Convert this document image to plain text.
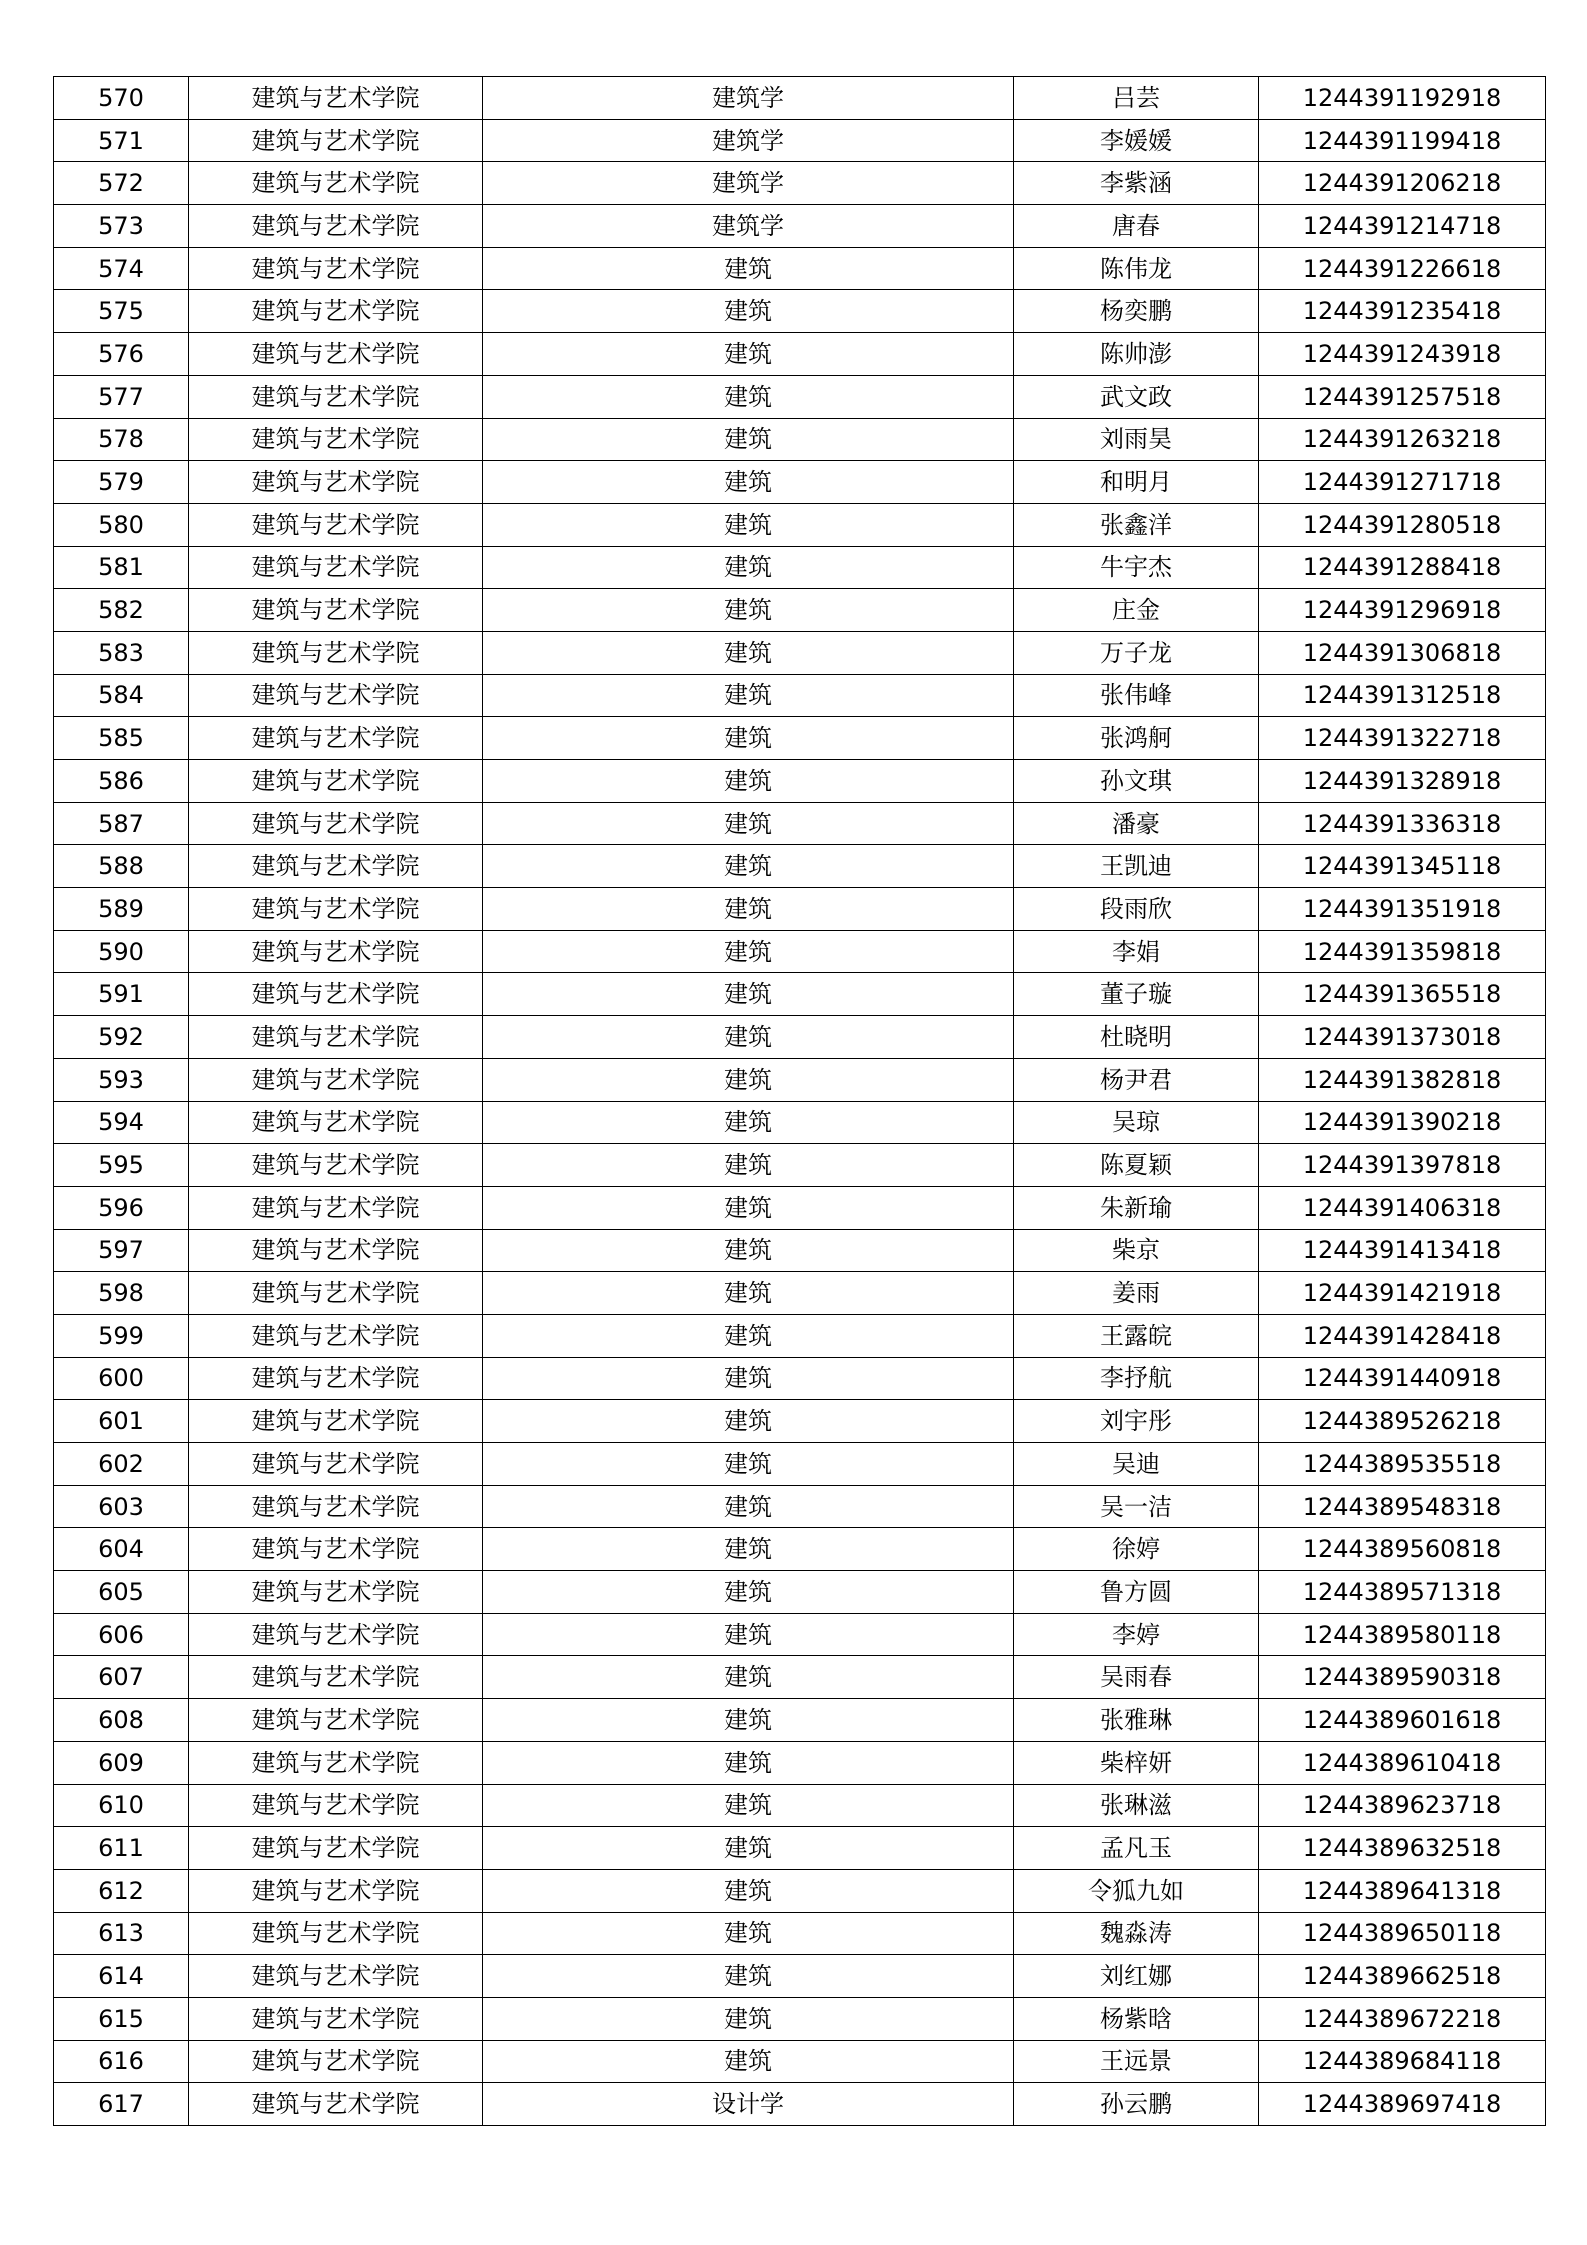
570	建筑与艺术学院	建筑学	吕芸	1244391192918
571	建筑与艺术学院	建筑学	李媛媛	1244391199418
572	建筑与艺术学院	建筑学	李紫涵	1244391206218
573	建筑与艺术学院	建筑学	唐春	1244391214718
574	建筑与艺术学院	建筑	陈伟龙	1244391226618
575	建筑与艺术学院	建筑	杨奕鹏	1244391235418
576	建筑与艺术学院	建筑	陈帅澎	1244391243918
577	建筑与艺术学院	建筑	武文政	1244391257518
578	建筑与艺术学院	建筑	刘雨昊	1244391263218
579	建筑与艺术学院	建筑	和明月	1244391271718
580	建筑与艺术学院	建筑	张鑫洋	1244391280518
581	建筑与艺术学院	建筑	牛宇杰	1244391288418
582	建筑与艺术学院	建筑	庄金	1244391296918
583	建筑与艺术学院	建筑	万子龙	1244391306818
584	建筑与艺术学院	建筑	张伟峰	1244391312518
585	建筑与艺术学院	建筑	张鸿舸	1244391322718
586	建筑与艺术学院	建筑	孙文琪	1244391328918
587	建筑与艺术学院	建筑	潘豪	1244391336318
588	建筑与艺术学院	建筑	王凯迪	1244391345118
589	建筑与艺术学院	建筑	段雨欣	1244391351918
590	建筑与艺术学院	建筑	李娟	1244391359818
591	建筑与艺术学院	建筑	董子璇	1244391365518
592	建筑与艺术学院	建筑	杜晓明	1244391373018
593	建筑与艺术学院	建筑	杨尹君	1244391382818
594	建筑与艺术学院	建筑	吴琼	1244391390218
595	建筑与艺术学院	建筑	陈夏颖	1244391397818
596	建筑与艺术学院	建筑	朱新瑜	1244391406318
597	建筑与艺术学院	建筑	柴京	1244391413418
598	建筑与艺术学院	建筑	姜雨	1244391421918
599	建筑与艺术学院	建筑	王露皖	1244391428418
600	建筑与艺术学院	建筑	李抒航	1244391440918
601	建筑与艺术学院	建筑	刘宇彤	1244389526218
602	建筑与艺术学院	建筑	吴迪	1244389535518
603	建筑与艺术学院	建筑	吴一洁	1244389548318
604	建筑与艺术学院	建筑	徐婷	1244389560818
605	建筑与艺术学院	建筑	鲁方圆	1244389571318
606	建筑与艺术学院	建筑	李婷	1244389580118
607	建筑与艺术学院	建筑	吴雨春	1244389590318
608	建筑与艺术学院	建筑	张雅琳	1244389601618
609	建筑与艺术学院	建筑	柴梓妍	1244389610418
610	建筑与艺术学院	建筑	张琳滋	1244389623718
611	建筑与艺术学院	建筑	孟凡玉	1244389632518
612	建筑与艺术学院	建筑	令狐九如	1244389641318
613	建筑与艺术学院	建筑	魏淼涛	1244389650118
614	建筑与艺术学院	建筑	刘红娜	1244389662518
615	建筑与艺术学院	建筑	杨紫晗	1244389672218
616	建筑与艺术学院	建筑	王远景	1244389684118
617	建筑与艺术学院	设计学	孙云鹏	1244389697418
